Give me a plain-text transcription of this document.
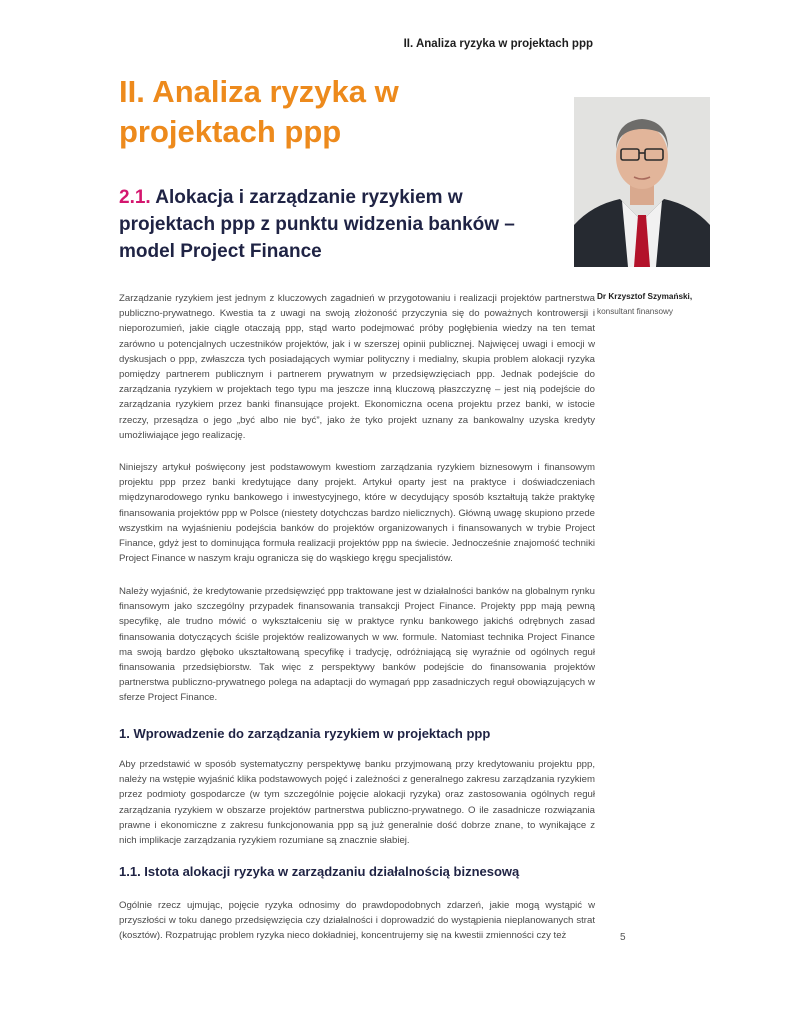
II. Analiza ryzyka w projektach ppp
II. Analiza ryzyka w projektach ppp
2.1. Alokacja i zarządzanie ryzykiem w projektach ppp z punktu widzenia banków – model Project Finance
Dr Krzysztof Szymański,
konsultant finansowy

Zarządzanie ryzykiem jest jednym z kluczowych zagadnień w przygotowaniu i realizacji projektów partnerstwa publiczno-prywatnego. Kwestia ta z uwagi na swoją złożoność przyczynia się do poważnych kontrowersji i nieporozumień, jakie ciągle otaczają ppp, stąd warto podejmować próby pogłębienia wiedzy na ten temat zarówno u potencjalnych uczestników projektów, jak i w szerszej opinii publicznej. Najwięcej uwagi i emocji w dyskusjach o ppp, zwłaszcza tych posiadających wymiar polityczny i medialny, skupia problem alokacji ryzyka pomiędzy partnerem publicznym i partnerem prywatnym w przedsięwzięciach ppp. Jednak podejście do zarządzania ryzykiem w projektach tego typu ma jeszcze inną kluczową płaszczyznę – jest nią podejście do zarządzania ryzykiem przez banki finansujące projekt. Ekonomiczna ocena projektu przez banki, w istocie rzeczy, przesądza o jego „być albo nie być”, jako że tyko projekt uznany za bankowalny uzyska kredyty umożliwiające jego realizację.

Niniejszy artykuł poświęcony jest podstawowym kwestiom zarządzania ryzykiem biznesowym i finansowym projektu ppp przez banki kredytujące dany projekt. Artykuł oparty jest na praktyce i doświadczeniach międzynarodowego rynku bankowego i inwestycyjnego, które w decydujący sposób kształtują także praktykę finansowania projektów ppp w Polsce (niestety dotychczas bardzo nielicznych). Główną uwagę skupiono przede wszystkim na wyjaśnieniu podejścia banków do projektów organizowanych i finansowanych w trybie Project Finance, gdyż jest to dominująca formuła realizacji projektów ppp na świecie. Jednocześnie znajomość techniki Project Finance w naszym kraju ogranicza się do wąskiego kręgu specjalistów.

Należy wyjaśnić, że kredytowanie przedsięwzięć ppp traktowane jest w działalności banków na globalnym rynku finansowym jako szczególny przypadek finansowania transakcji Project Finance. Projekty ppp mają pewną specyfikę, ale trudno mówić o wykształceniu się w praktyce rynku bankowego jakichś odrębnych zasad finansowania dotyczących ściśle projektów realizowanych w ww. formule. Natomiast technika Project Finance ma swoją bardzo głęboko ukształtowaną specyfikę i tradycję, odróżniającą się wyraźnie od ogólnych reguł finansowania przedsiębiorstw. Tak więc z perspektywy banków podejście do finansowania projektów partnerstwa publiczno-prywatnego polega na adaptacji do wymagań ppp zasadniczych reguł obowiązujących w sferze Project Finance.

1. Wprowadzenie do zarządzania ryzykiem w projektach ppp

Aby przedstawić w sposób systematyczny perspektywę banku przyjmowaną przy kredytowaniu projektu ppp, należy na wstępie wyjaśnić klika podstawowych pojęć i zależności z generalnego zakresu zarządzania ryzykiem przez podmioty gospodarcze (w tym szczególnie pojęcie alokacji ryzyka) oraz zastosowania ogólnych reguł zarządzania ryzykiem w obszarze projektów partnerstwa publiczno-prywatnego. O ile zasadnicze rozwiązania prawne i ekonomiczne z zakresu funkcjonowania ppp są już generalnie dość dobrze znane, to wynikające z nich implikacje zarządzania ryzykiem rozumiane są znacznie słabiej.

1.1. Istota alokacji ryzyka w zarządzaniu działalnością biznesową

Ogólnie rzecz ujmując, pojęcie ryzyka odnosimy do prawdopodobnych zdarzeń, jakie mogą wystąpić w przyszłości w toku danego przedsięwzięcia czy działalności i doprowadzić do wystąpienia nieplanowanych strat (kosztów). Rozpatrując problem ryzyka nieco dokładniej, koncentrujemy się na kwestii zmienności czy też	5
